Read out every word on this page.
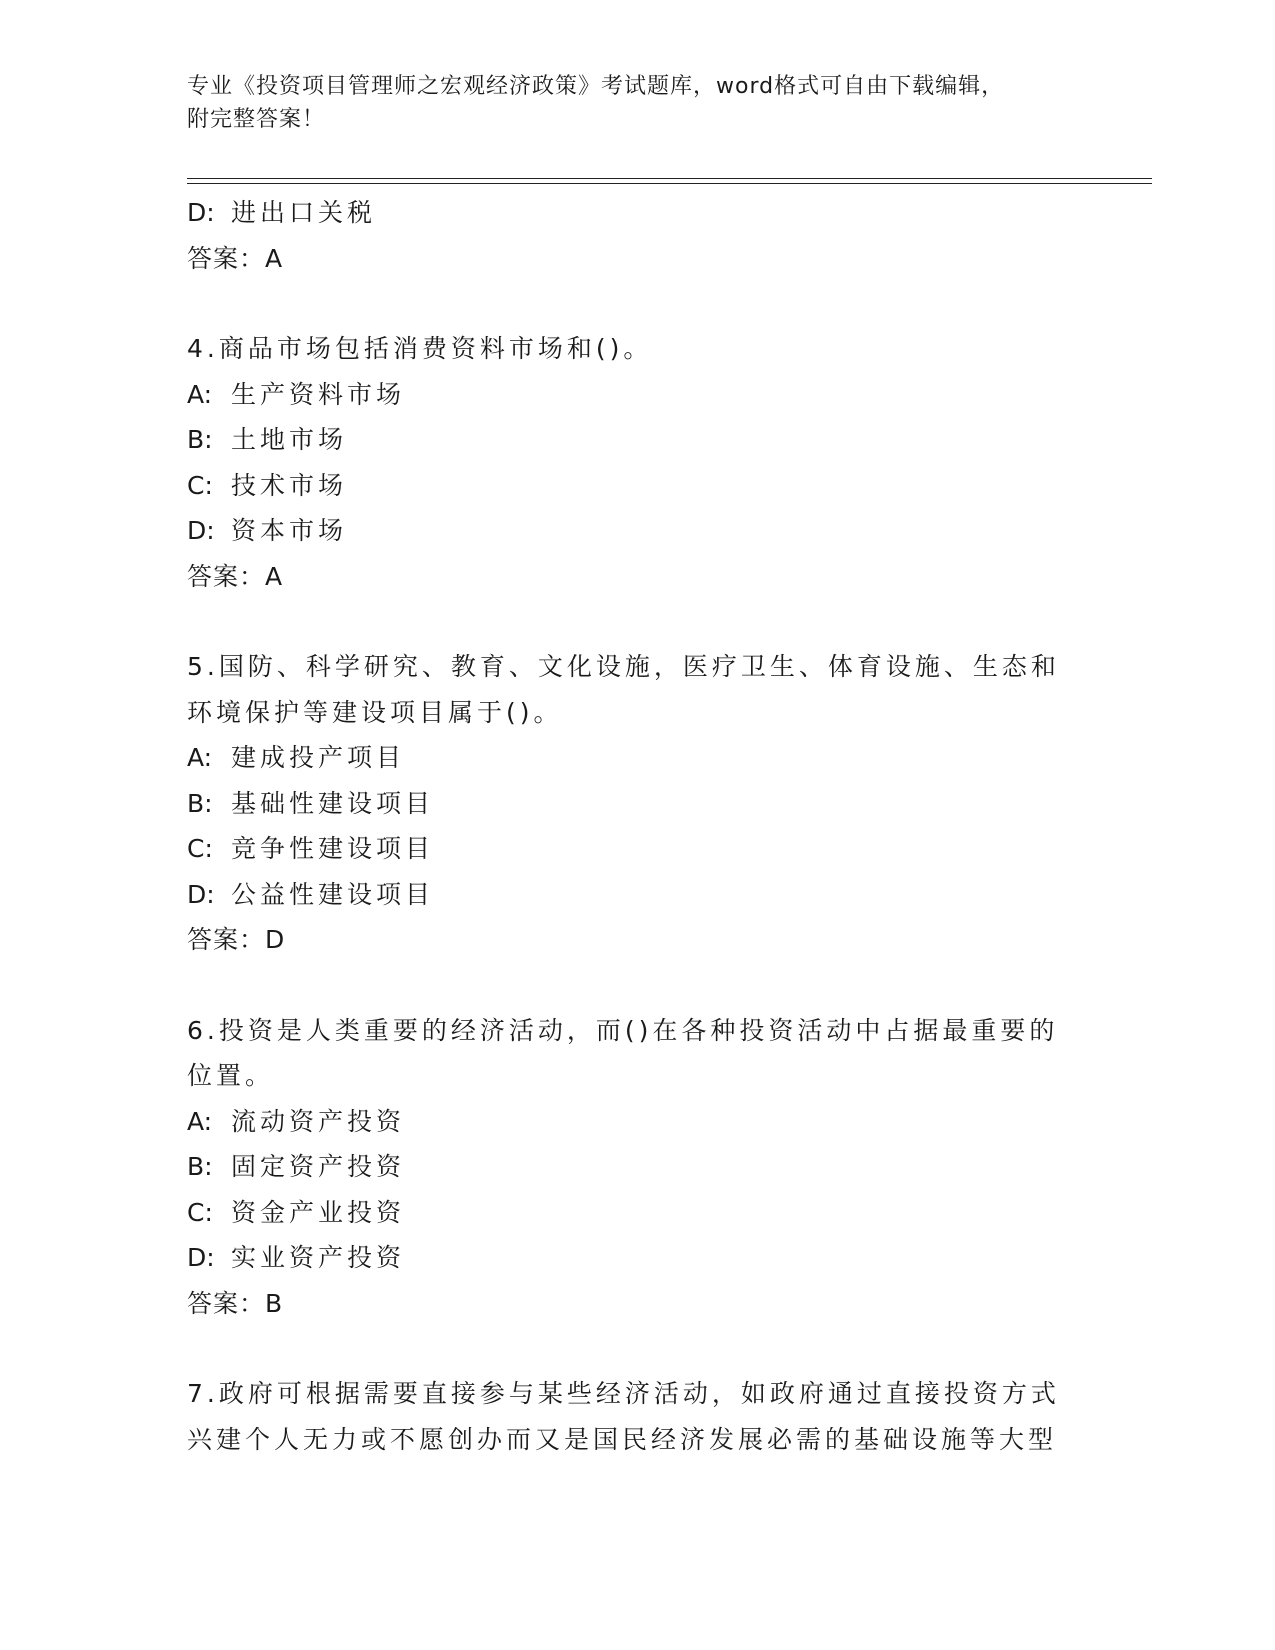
专业《投资项目管理师之宏观经济政策》考试题库，word格式可自由下载编辑，
附完整答案！
D: 进出口关税
答案：A
4.商品市场包括消费资料市场和()。
A: 生产资料市场
B: 土地市场
C: 技术市场
D: 资本市场
答案：A
5.国防、科学研究、教育、文化设施，医疗卫生、体育设施、生态和
环境保护等建设项目属于()。
A: 建成投产项目
B: 基础性建设项目
C: 竞争性建设项目
D: 公益性建设项目
答案：D
6.投资是人类重要的经济活动，而()在各种投资活动中占据最重要的
位置。
A: 流动资产投资
B: 固定资产投资
C: 资金产业投资
D: 实业资产投资
答案：B
7.政府可根据需要直接参与某些经济活动，如政府通过直接投资方式
兴建个人无力或不愿创办而又是国民经济发展必需的基础设施等大型
